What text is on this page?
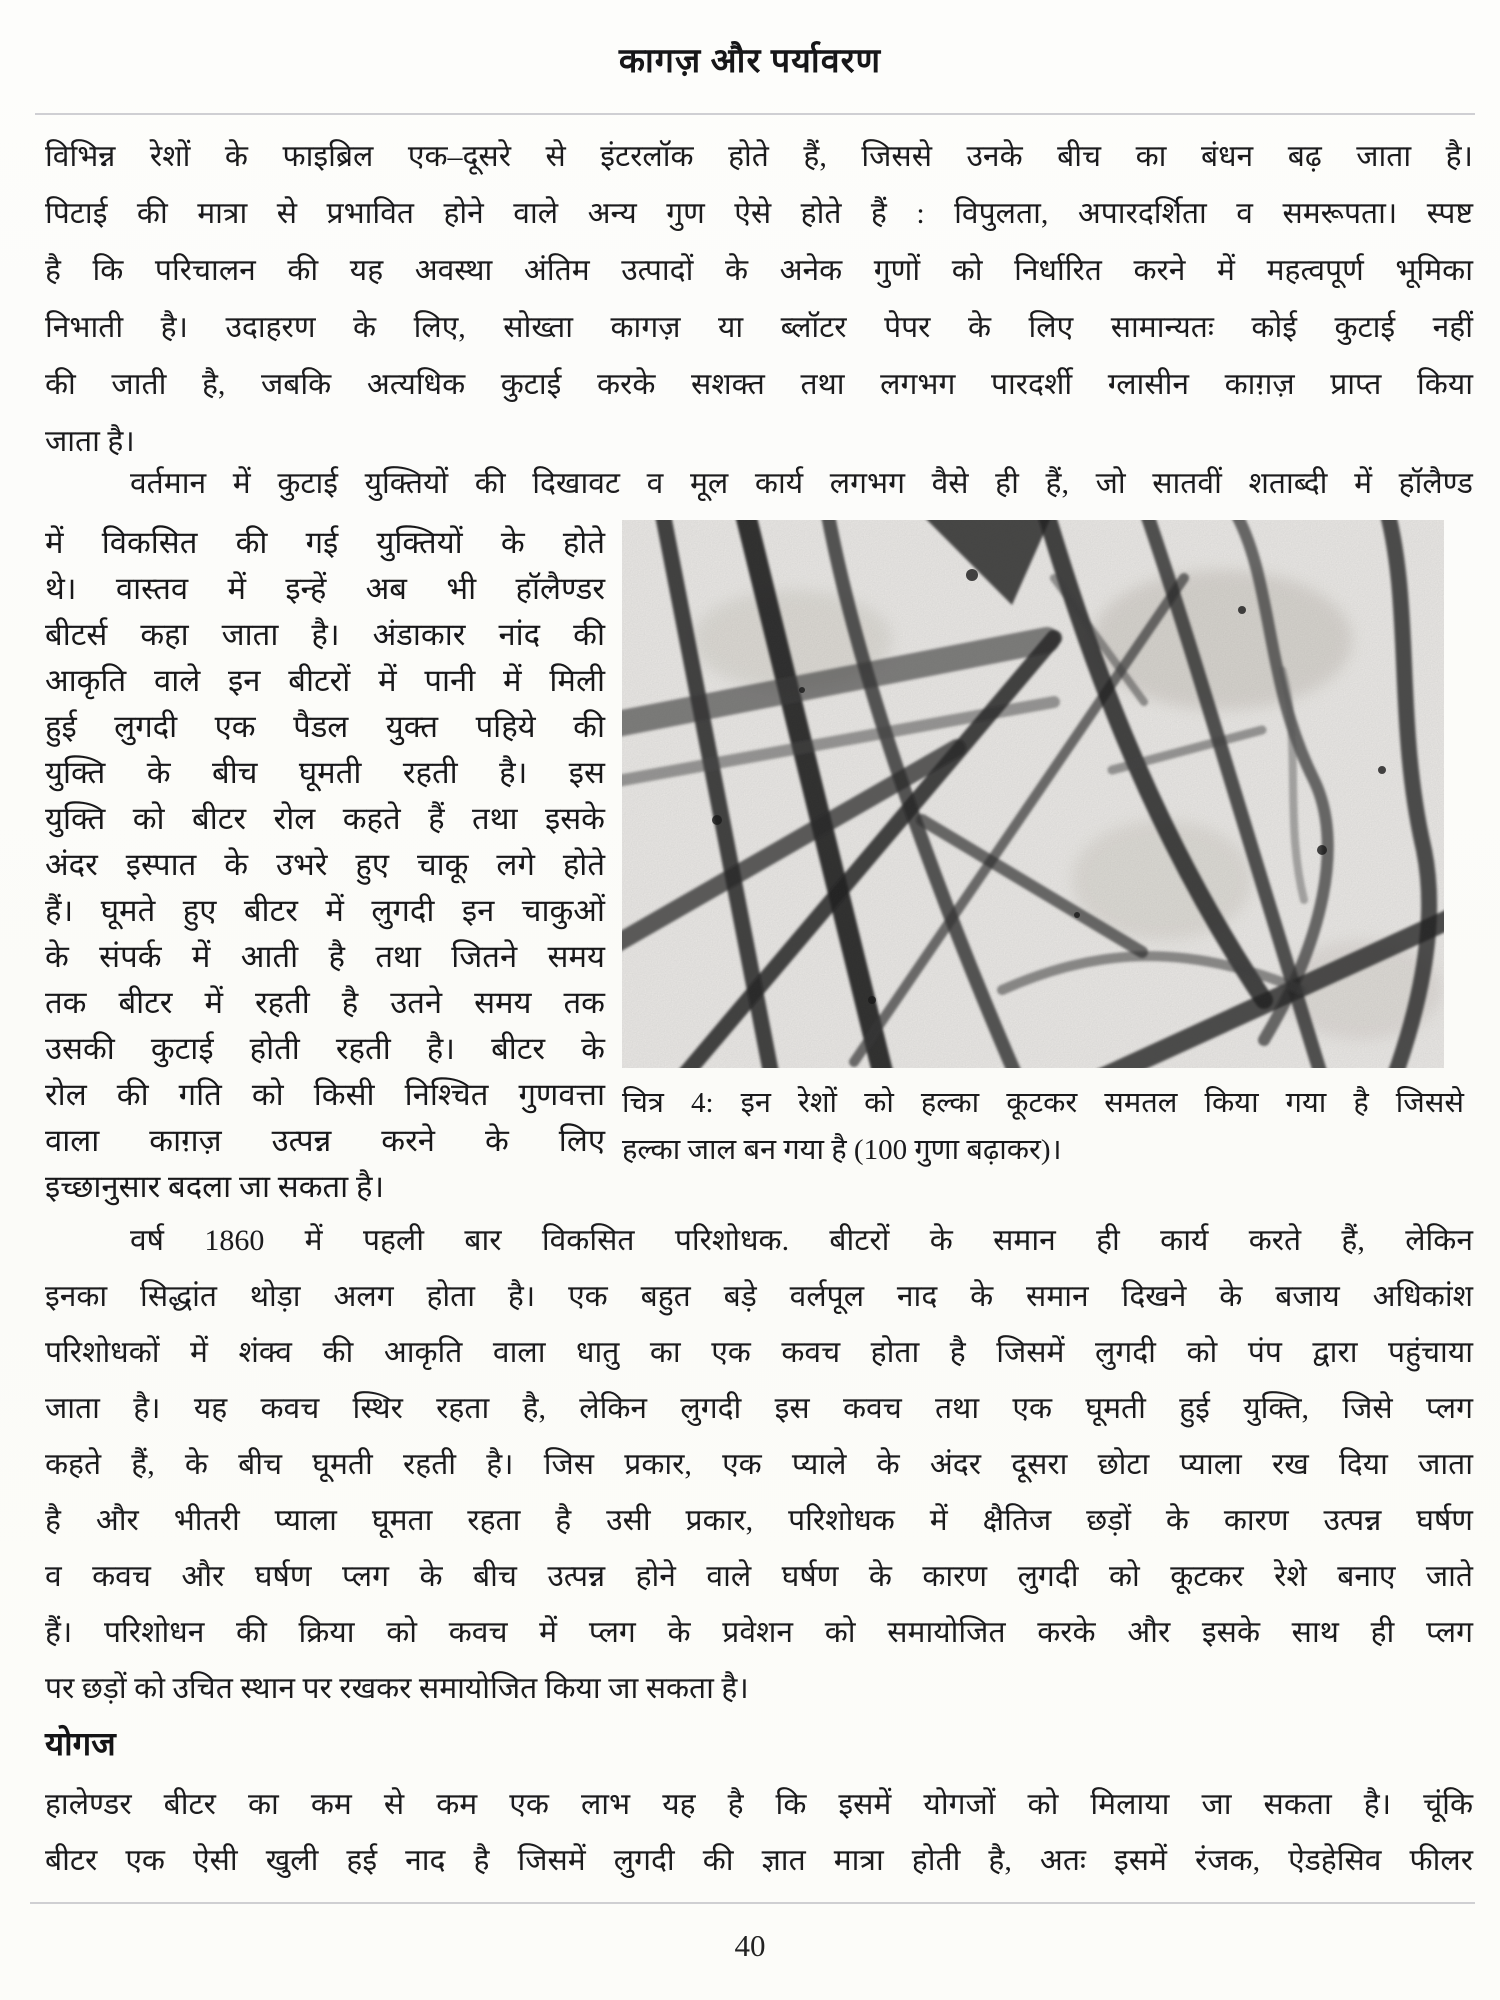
कागज़ और पर्यावरण
विभिन्न रेशों के फाइब्रिल एक–दूसरे से इंटरलॉक होते हैं, जिससे उनके बीच का बंधन बढ़ जाता है।
पिटाई की मात्रा से प्रभावित होने वाले अन्य गुण ऐसे होते हैं : विपुलता, अपारदर्शिता व समरूपता। स्पष्ट
है कि परिचालन की यह अवस्था अंतिम उत्पादों के अनेक गुणों को निर्धारित करने में महत्वपूर्ण भूमिका
निभाती है। उदाहरण के लिए, सोख्ता कागज़ या ब्लॉटर पेपर के लिए सामान्यतः कोई कुटाई नहीं
की जाती है, जबकि अत्यधिक कुटाई करके सशक्त तथा लगभग पारदर्शी ग्लासीन काग़ज़ प्राप्त किया
जाता है।
वर्तमान में कुटाई युक्तियों की दिखावट व मूल कार्य लगभग वैसे ही हैं, जो सातवीं शताब्दी में हॉलैण्ड
में विकसित की गई युक्तियों के होते
थे। वास्तव में इन्हें अब भी हॉलैण्डर
बीटर्स कहा जाता है। अंडाकार नांद की
आकृति वाले इन बीटरों में पानी में मिली
हुई लुगदी एक पैडल युक्त पहिये की
युक्ति के बीच घूमती रहती है। इस
युक्ति को बीटर रोल कहते हैं तथा इसके
अंदर इस्पात के उभरे हुए चाकू लगे होते
हैं। घूमते हुए बीटर में लुगदी इन चाकुओं
के संपर्क में आती है तथा जितने समय
तक बीटर में रहती है उतने समय तक
उसकी कुटाई होती रहती है। बीटर के
रोल की गति को किसी निश्चित गुणवत्ता
वाला काग़ज़ उत्पन्न करने के लिए
इच्छानुसार बदला जा सकता है।
चित्र 4: इन रेशों को हल्का कूटकर समतल किया गया है जिससे
हल्का जाल बन गया है (100 गुणा बढ़ाकर)।
वर्ष 1860 में पहली बार विकसित परिशोधक. बीटरों के समान ही कार्य करते हैं, लेकिन
इनका सिद्धांत थोड़ा अलग होता है। एक बहुत बड़े वर्लपूल नाद के समान दिखने के बजाय अधिकांश
परिशोधकों में शंक्व की आकृति वाला धातु का एक कवच होता है जिसमें लुगदी को पंप द्वारा पहुंचाया
जाता है। यह कवच स्थिर रहता है, लेकिन लुगदी इस कवच तथा एक घूमती हुई युक्ति, जिसे प्लग
कहते हैं, के बीच घूमती रहती है। जिस प्रकार, एक प्याले के अंदर दूसरा छोटा प्याला रख दिया जाता
है और भीतरी प्याला घूमता रहता है उसी प्रकार, परिशोधक में क्षैतिज छड़ों के कारण उत्पन्न घर्षण
व कवच और घर्षण प्लग के बीच उत्पन्न होने वाले घर्षण के कारण लुगदी को कूटकर रेशे बनाए जाते
हैं। परिशोधन की क्रिया को कवच में प्लग के प्रवेशन को समायोजित करके और इसके साथ ही प्लग
पर छड़ों को उचित स्थान पर रखकर समायोजित किया जा सकता है।
योगज
हालेण्डर बीटर का कम से कम एक लाभ यह है कि इसमें योगजों को मिलाया जा सकता है। चूंकि
बीटर एक ऐसी खुली हई नाद है जिसमें लुगदी की ज्ञात मात्रा होती है, अतः इसमें रंजक, ऐडहेसिव फीलर
40
